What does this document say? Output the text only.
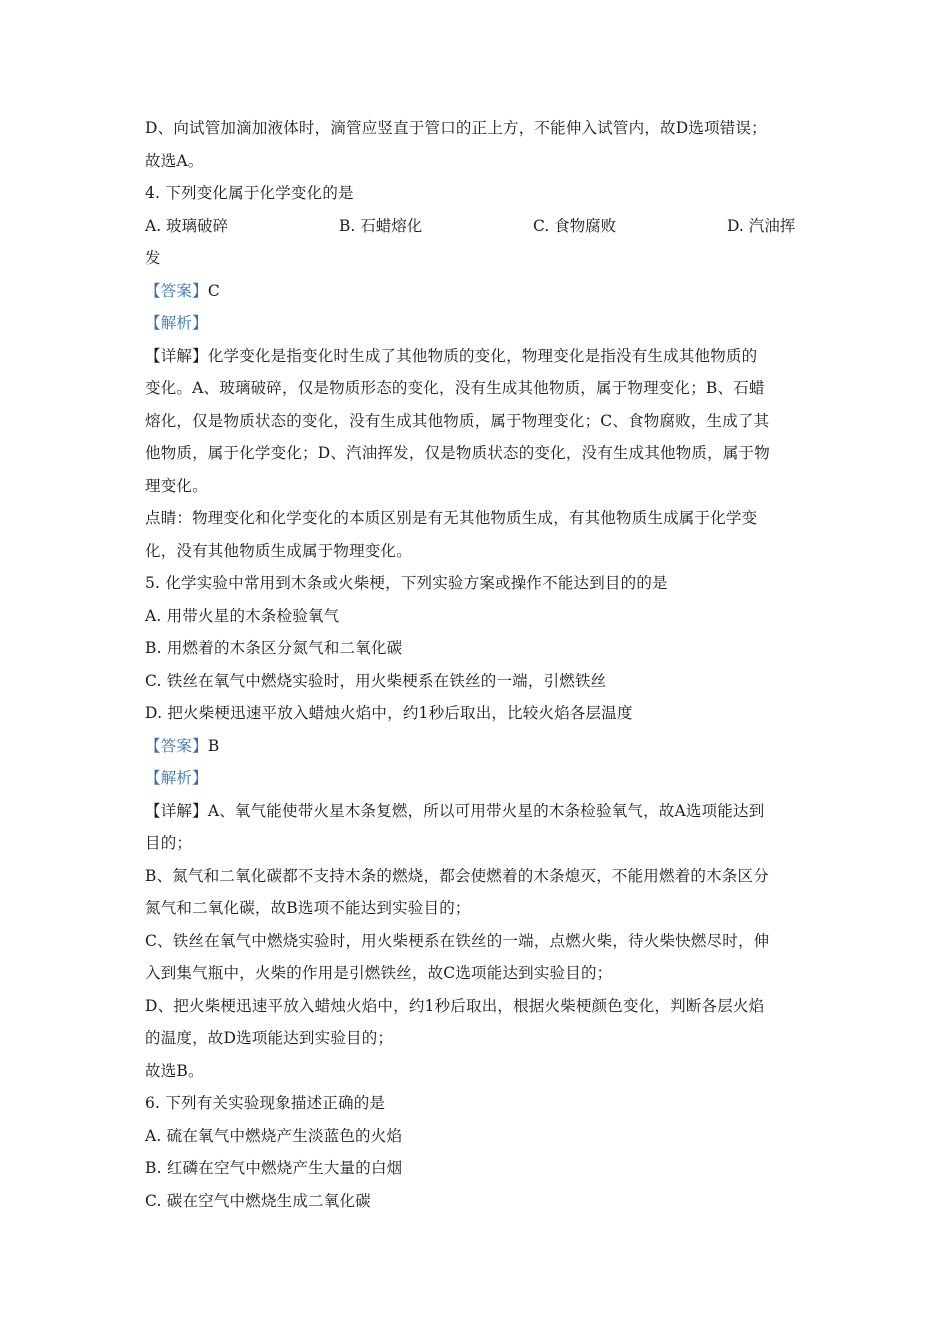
D、向试管加滴加液体时，滴管应竖直于管口的正上方，不能伸入试管内，故D选项错误；
故选A。
4. 下列变化属于化学变化的是
A. 玻璃破碎	B. 石蜡熔化	C. 食物腐败	D. 汽油挥
发
【答案】C
【解析】
【详解】化学变化是指变化时生成了其他物质的变化，物理变化是指没有生成其他物质的
变化。A、玻璃破碎，仅是物质形态的变化，没有生成其他物质，属于物理变化；B、石蜡
熔化，仅是物质状态的变化，没有生成其他物质，属于物理变化；C、食物腐败，生成了其
他物质，属于化学变化；D、汽油挥发，仅是物质状态的变化，没有生成其他物质，属于物
理变化。
点睛：物理变化和化学变化的本质区别是有无其他物质生成，有其他物质生成属于化学变
化，没有其他物质生成属于物理变化。
5. 化学实验中常用到木条或火柴梗，下列实验方案或操作不能达到目的的是
A. 用带火星的木条检验氧气
B. 用燃着的木条区分氮气和二氧化碳
C. 铁丝在氧气中燃烧实验时，用火柴梗系在铁丝的一端，引燃铁丝
D. 把火柴梗迅速平放入蜡烛火焰中，约1秒后取出，比较火焰各层温度
【答案】B
【解析】
【详解】A、氧气能使带火星木条复燃，所以可用带火星的木条检验氧气，故A选项能达到
目的；
B、氮气和二氧化碳都不支持木条的燃烧，都会使燃着的木条熄灭，不能用燃着的木条区分
氮气和二氧化碳，故B选项不能达到实验目的；
C、铁丝在氧气中燃烧实验时，用火柴梗系在铁丝的一端，点燃火柴，待火柴快燃尽时，伸
入到集气瓶中，火柴的作用是引燃铁丝，故C选项能达到实验目的；
D、把火柴梗迅速平放入蜡烛火焰中，约1秒后取出，根据火柴梗颜色变化，判断各层火焰
的温度，故D选项能达到实验目的；
故选B。
6. 下列有关实验现象描述正确的是
A. 硫在氧气中燃烧产生淡蓝色的火焰
B. 红磷在空气中燃烧产生大量的白烟
C. 碳在空气中燃烧生成二氧化碳
